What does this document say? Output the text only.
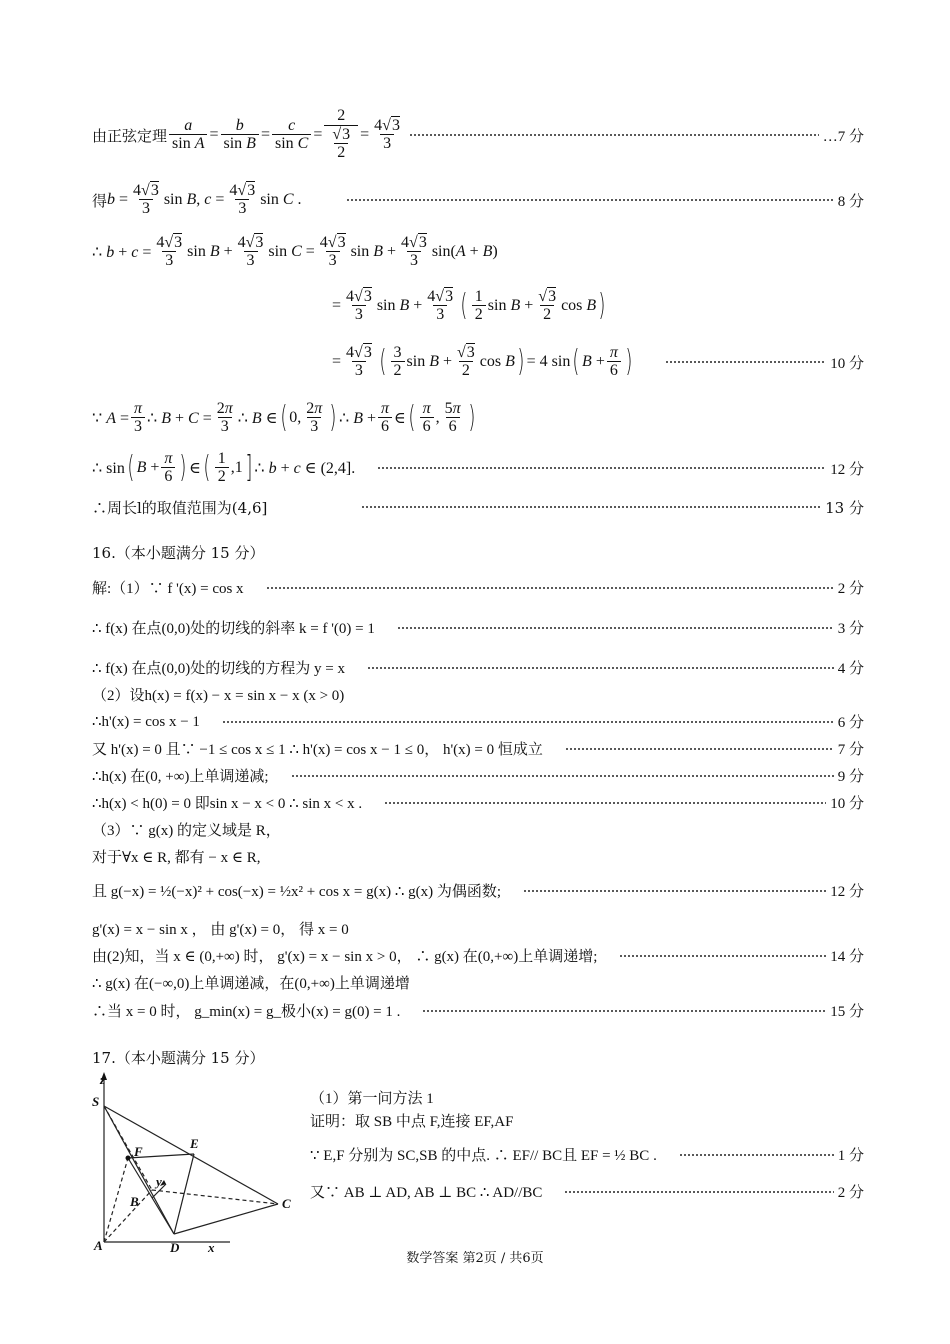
由正弦定理 $\frac{a}{\text{sin A}} = \frac{b}{\text{sin B}} = \frac{c}{\text{sin C}} = \frac{2}{\frac{√3}{2}} = \frac{4√3}{3}$	…7 分
得 $b = \frac{4√3}{3}$ sin B, $c = \frac{4√3}{3}$ sin C .	8 分
∴ $b + c = \frac{4√3}{3}$ $\sin B + \frac{4√3}{3}$ $\sin C = \frac{4√3}{3}$ $\sin B + \frac{4√3}{3} \sin(A + B)$
= $\frac{4√3}{3}$ $\sin B + \frac{4√3}{3}$ ( $\frac{1}{2}$ $\sin B + \frac{√3}{2}$ cos B )
= $\frac{4√3}{3}$ ( $\frac{3}{2}$ $\sin B + \frac{√3}{2}$ cos B ) = 4 sin ( $B + \frac{\pi}{6}$ )	10 分
∵ $A = \frac{\pi}{3}$ ∴ $B + C = \frac{2\pi}{3}$ ∴ B ∈ ( 0, $\frac{2\pi}{3}$ ) ∴ $B + \frac{\pi}{6}$ ∈ ( $\frac{\pi}{6}$ , $\frac{5\pi}{6}$ )
∴ sin ( $B + \frac{\pi}{6}$ ) ∈ ( $\frac{1}{2} ,1$ ] ∴ b + c ∈ (2,4].	12 分
∴周长l的取值范围为(4,6]	13 分
16.（本小题满分 15 分）
解:（1）∵ f '(x) = cos x	2 分
∴ f(x) 在点(0,0)处的切线的斜率 k = f '(0) = 1	3 分
∴ f(x) 在点(0,0)处的切线的方程为 y = x	4 分
（2）设h(x) = f(x) − x = sin x − x (x > 0)
∴h'(x) = cos x − 1	6 分
又 h'(x) = 0 且∵ −1 ≤ cos x ≤ 1 ∴ h'(x) = cos x − 1 ≤ 0， h'(x) = 0 恒成立	7 分
∴h(x) 在(0, +∞)上单调递减;	9 分
∴h(x) < h(0) = 0 即sin x − x < 0 ∴ sin x < x .	10 分
（3）∵ g(x) 的定义域是 R，
对于∀x ∈ R, 都有 − x ∈ R,
且 g(−x) = ½(−x)² + cos(−x) = ½x² + cos x = g(x) ∴ g(x) 为偶函数;	12 分
g'(x) = x − sin x ， 由 g'(x) = 0， 得 x = 0
由(2)知，当 x ∈ (0,+∞) 时， g'(x) = x − sin x > 0， ∴ g(x) 在(0,+∞)上单调递增;	14 分
∴ g(x) 在(−∞,0)上单调递减，在(0,+∞)上单调递增
∴当 x = 0 时， g_min(x) = g_极小(x) = g(0) = 1 .	15 分
17.（本小题满分 15 分）
z
S
F
E
y
B	C
A	D x
（1）第一问方法 1
证明：取 SB 中点 F,连接 EF,AF
∵ E,F 分别为 SC,SB 的中点. ∴ EF// BC且 EF = ½ BC .	1 分
又∵ AB ⊥ AD, AB ⊥ BC ∴ AD//BC	2 分
数学答案 第2页 / 共6页
